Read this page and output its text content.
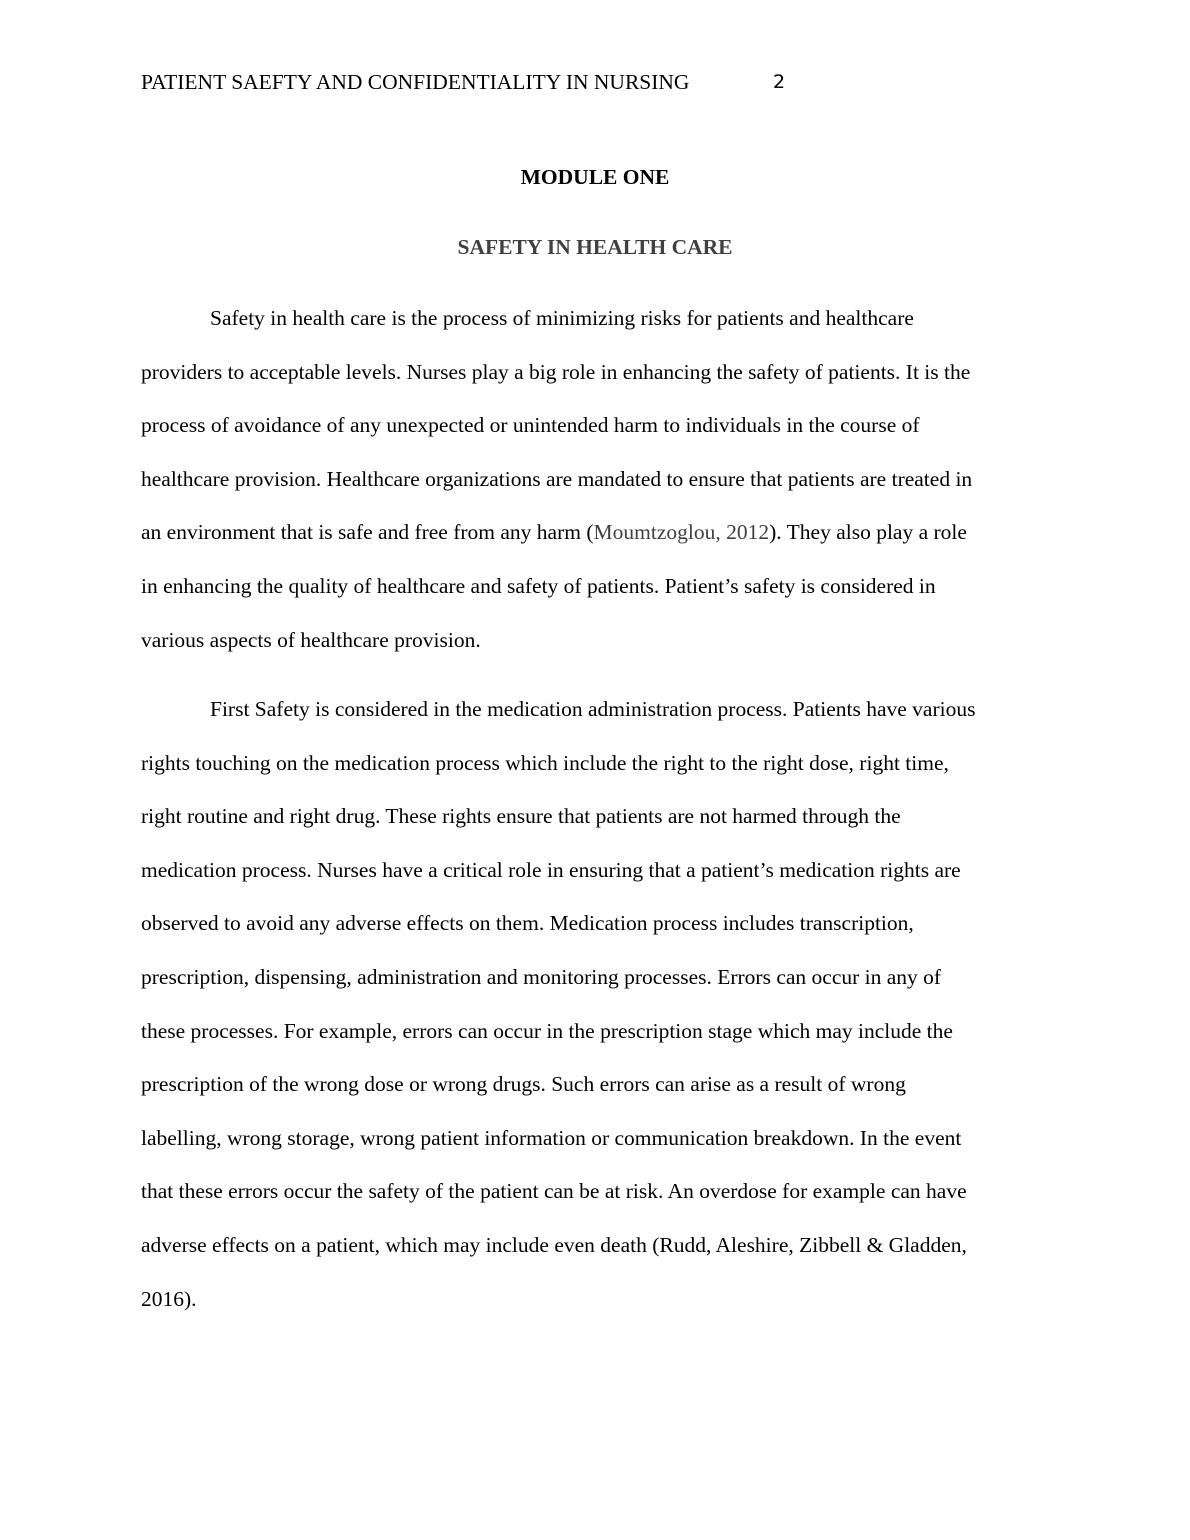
PATIENT SAEFTY AND CONFIDENTIALITY IN NURSING	2
MODULE ONE
SAFETY IN HEALTH CARE
Safety in health care is the process of minimizing risks for patients and healthcare
providers to acceptable levels. Nurses play a big role in enhancing the safety of patients. It is the
process of avoidance of any unexpected or unintended harm to individuals in the course of
healthcare provision. Healthcare organizations are mandated to ensure that patients are treated in
an environment that is safe and free from any harm (Moumtzoglou, 2012). They also play a role
in enhancing the quality of healthcare and safety of patients. Patient’s safety is considered in
various aspects of healthcare provision.
First Safety is considered in the medication administration process. Patients have various
rights touching on the medication process which include the right to the right dose, right time,
right routine and right drug. These rights ensure that patients are not harmed through the
medication process. Nurses have a critical role in ensuring that a patient’s medication rights are
observed to avoid any adverse effects on them. Medication process includes transcription,
prescription, dispensing, administration and monitoring processes. Errors can occur in any of
these processes. For example, errors can occur in the prescription stage which may include the
prescription of the wrong dose or wrong drugs. Such errors can arise as a result of wrong
labelling, wrong storage, wrong patient information or communication breakdown. In the event
that these errors occur the safety of the patient can be at risk. An overdose for example can have
adverse effects on a patient, which may include even death (Rudd, Aleshire, Zibbell & Gladden,
2016).
